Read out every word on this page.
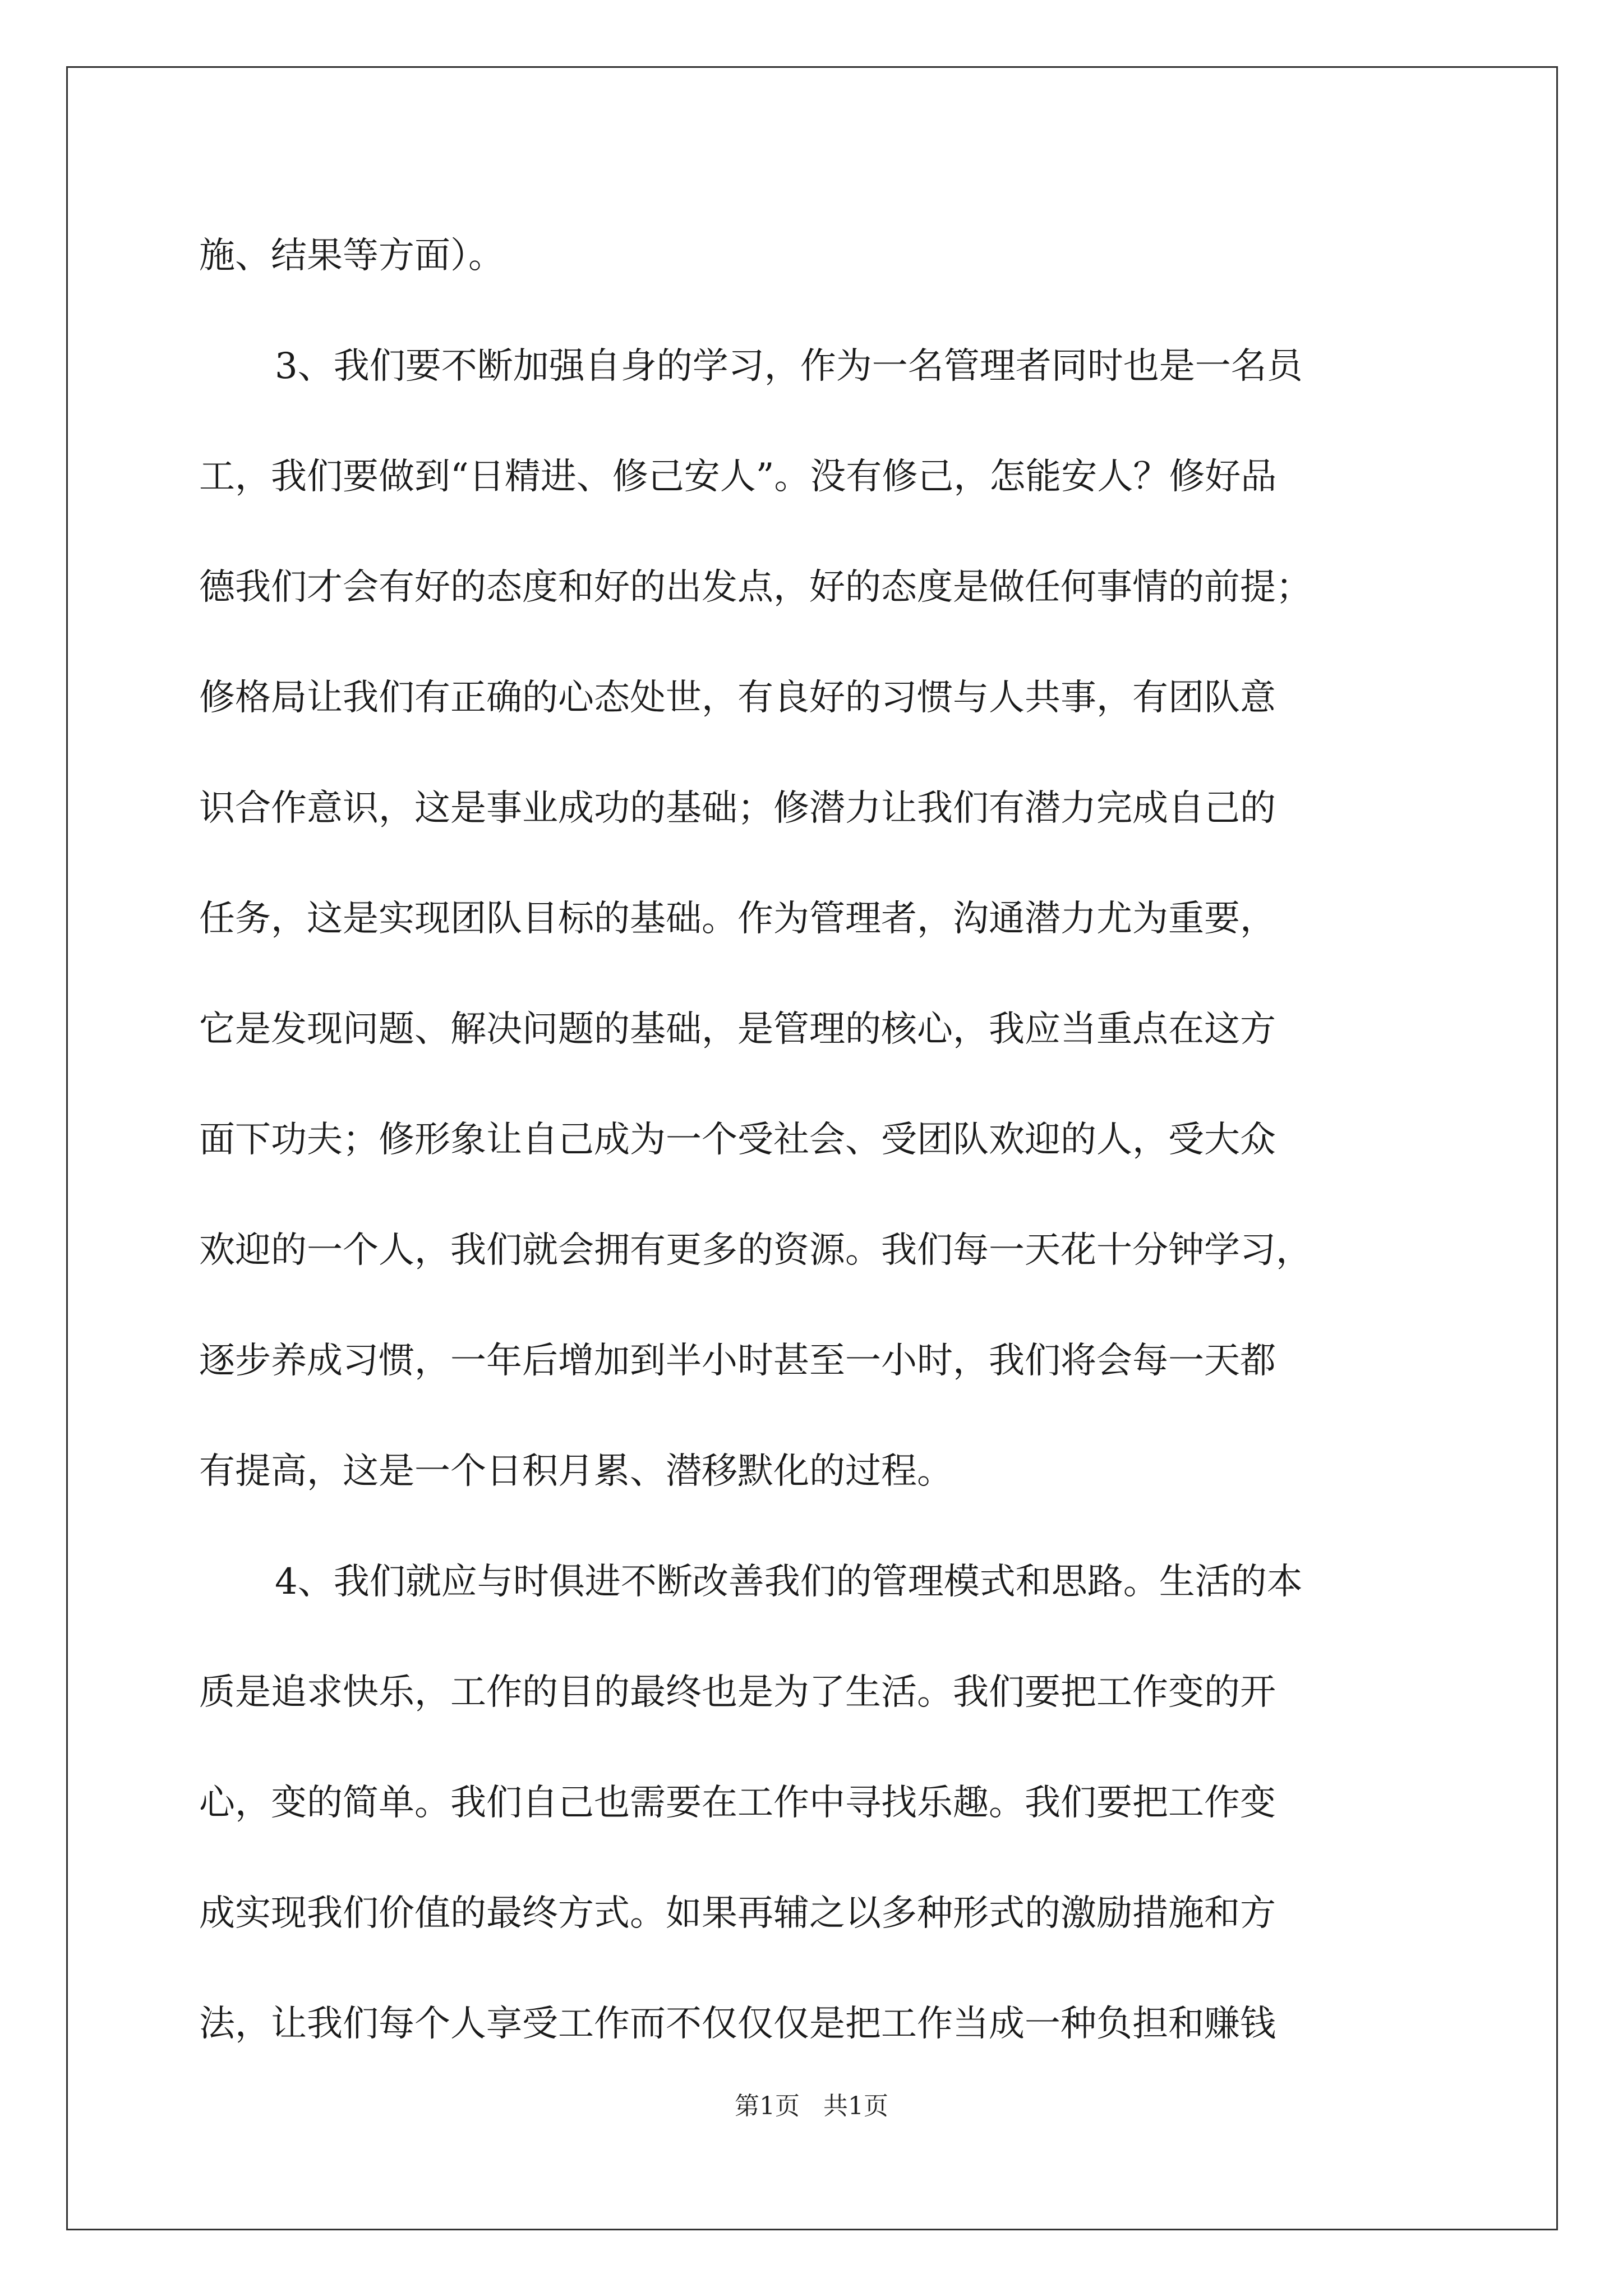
施、结果等方面）。
3、我们要不断加强自身的学习，作为一名管理者同时也是一名员
工，我们要做到“日精进、修己安人”。没有修己，怎能安人？修好品
德我们才会有好的态度和好的出发点，好的态度是做任何事情的前提；
修格局让我们有正确的心态处世，有良好的习惯与人共事，有团队意
识合作意识，这是事业成功的基础；修潜力让我们有潜力完成自己的
任务，这是实现团队目标的基础。作为管理者，沟通潜力尤为重要，
它是发现问题、解决问题的基础，是管理的核心，我应当重点在这方
面下功夫；修形象让自己成为一个受社会、受团队欢迎的人，受大众
欢迎的一个人，我们就会拥有更多的资源。我们每一天花十分钟学习，
逐步养成习惯，一年后增加到半小时甚至一小时，我们将会每一天都
有提高，这是一个日积月累、潜移默化的过程。
4、我们就应与时俱进不断改善我们的管理模式和思路。生活的本
质是追求快乐，工作的目的最终也是为了生活。我们要把工作变的开
心，变的简单。我们自己也需要在工作中寻找乐趣。我们要把工作变
成实现我们价值的最终方式。如果再辅之以多种形式的激励措施和方
法，让我们每个人享受工作而不仅仅仅是把工作当成一种负担和赚钱
第1页   共1页
